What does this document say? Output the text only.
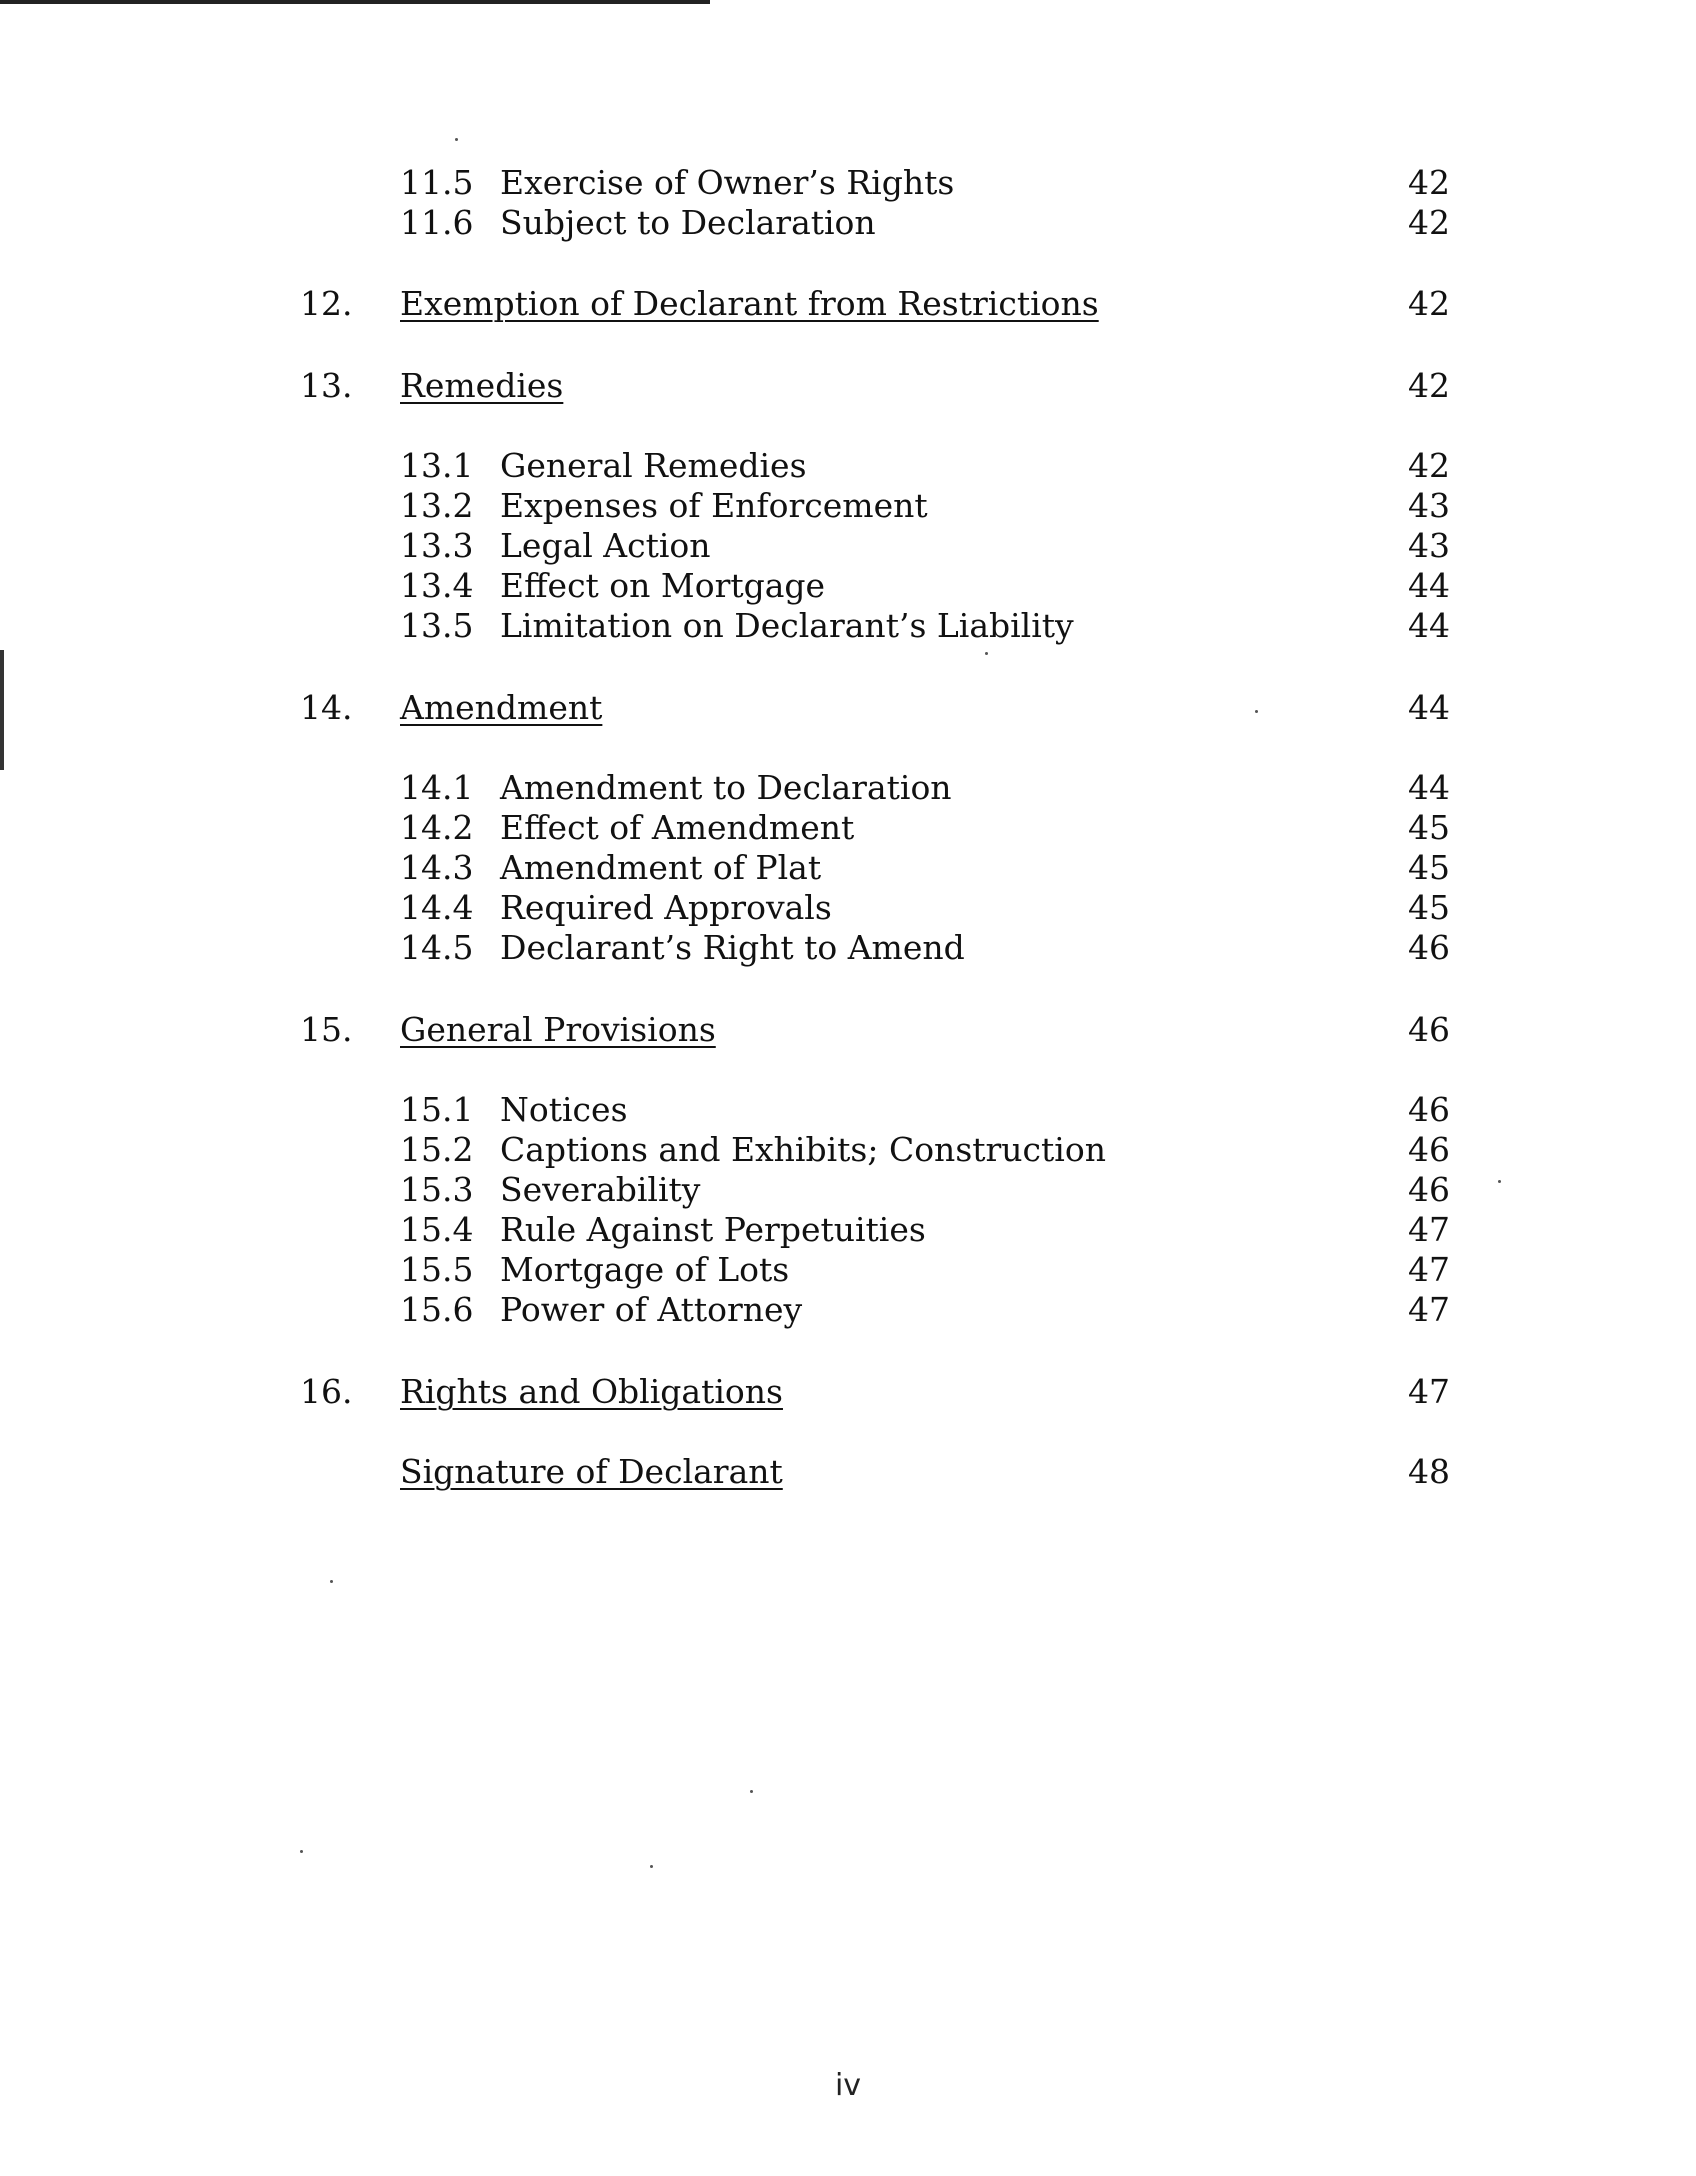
11.5 Exercise of Owner’s Rights	42
11.6 Subject to Declaration	42
12.	Exemption of Declarant from Restrictions	42
13.	Remedies	42
13.1 General Remedies	42
13.2 Expenses of Enforcement	43
13.3 Legal Action	43
13.4 Effect on Mortgage	44
13.5 Limitation on Declarant’s Liability	44
14.	Amendment	44
14.1 Amendment to Declaration	44
14.2 Effect of Amendment	45
14.3 Amendment of Plat	45
14.4 Required Approvals	45
14.5 Declarant’s Right to Amend	46
15.	General Provisions	46
15.1 Notices	46
15.2 Captions and Exhibits; Construction	46
15.3 Severability	46
15.4 Rule Against Perpetuities	47
15.5 Mortgage of Lots	47
15.6 Power of Attorney	47
16.	Rights and Obligations	47
Signature of Declarant	48
iv
